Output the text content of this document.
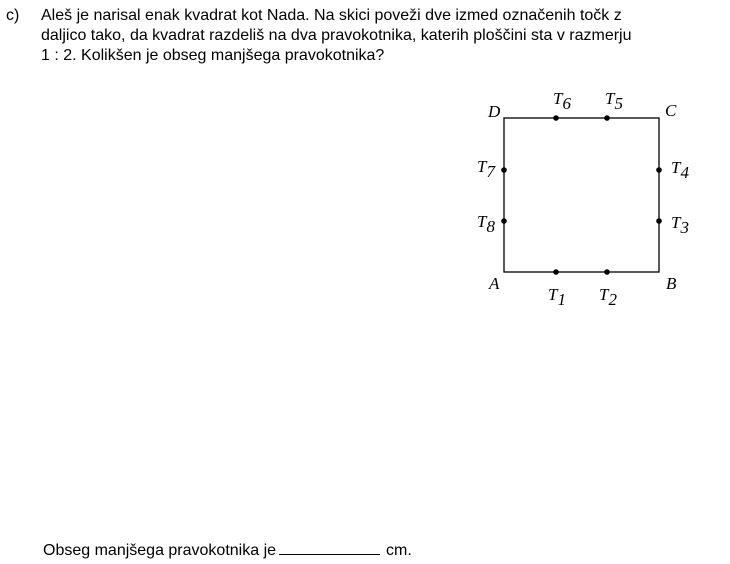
c) Aleš je narisal enak kvadrat kot Nada. Na skici poveži dve izmed označenih točk z
daljico tako, da kvadrat razdeliš na dva pravokotnika, katerih ploščini sta v razmerju
1 : 2. Kolikšen je obseg manjšega pravokotnika?
A	B
C
D
T1 T2
T3
T4
T5
T6
T7
T8
Obseg manjšega pravokotnika je	cm.
